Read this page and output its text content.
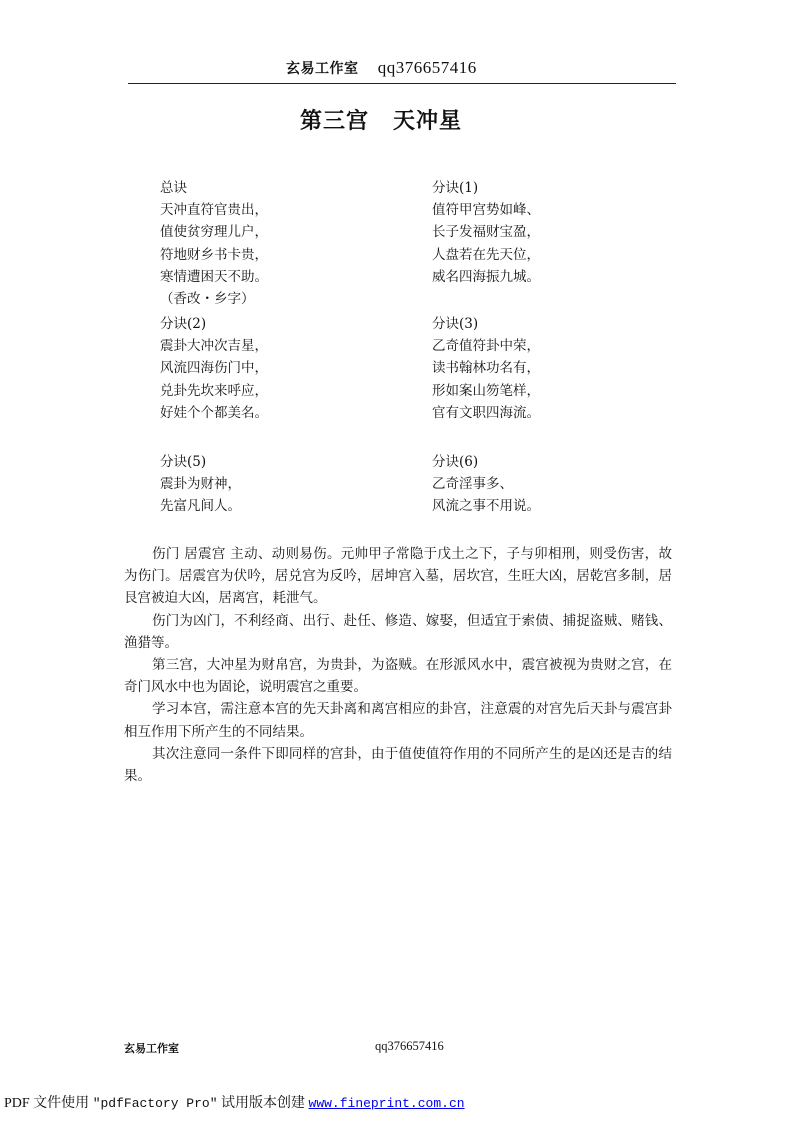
玄易工作室 qq376657416
第三宫 天冲星
总诀
天冲直符官贵出，
值使贫穷理儿户，
符地财乡书卡贵，
寒情遭困天不助。
（香改・乡字）
分诀(1)
值符甲宫势如峰、
长子发福财宝盈，
人盘若在先天位，
威名四海振九城。
分诀(2)
震卦大冲次吉星，
风流四海伤门中，
兑卦先坎来呼应，
好娃个个都美名。
分诀(3)
乙奇值符卦中荣，
读书翰林功名有，
形如案山笏笔样，
官有文职四海流。
分诀(5)
震卦为财神，
先富凡间人。
分诀(6)
乙奇淫事多、
风流之事不用说。

伤门 居震宫 主动、动则易伤。元帅甲子常隐于戊土之下，子与卯相刑，则受伤害，故为伤门。居震宫为伏吟，居兑宫为反吟，居坤宫入墓，居坎宫，生旺大凶，居乾宫多制，居艮宫被迫大凶，居离宫，耗泄气。

伤门为凶门，不利经商、出行、赴任、修造、嫁娶，但适宜于索债、捕捉盗贼、赌钱、渔猎等。

第三宫，大冲星为财帛宫，为贵卦，为盗贼。在形派风水中，震宫被视为贵财之宫，在奇门风水中也为固论，说明震宫之重要。

学习本宫，需注意本宫的先天卦离和离宫相应的卦宫，注意震的对宫先后天卦与震宫卦相互作用下所产生的不同结果。

其次注意同一条件下即同样的宫卦，由于值使值符作用的不同所产生的是凶还是吉的结果。

玄易工作室	qq376657416
PDF 文件使用 "pdfFactory Pro" 试用版本创建 www.fineprint.com.cn
